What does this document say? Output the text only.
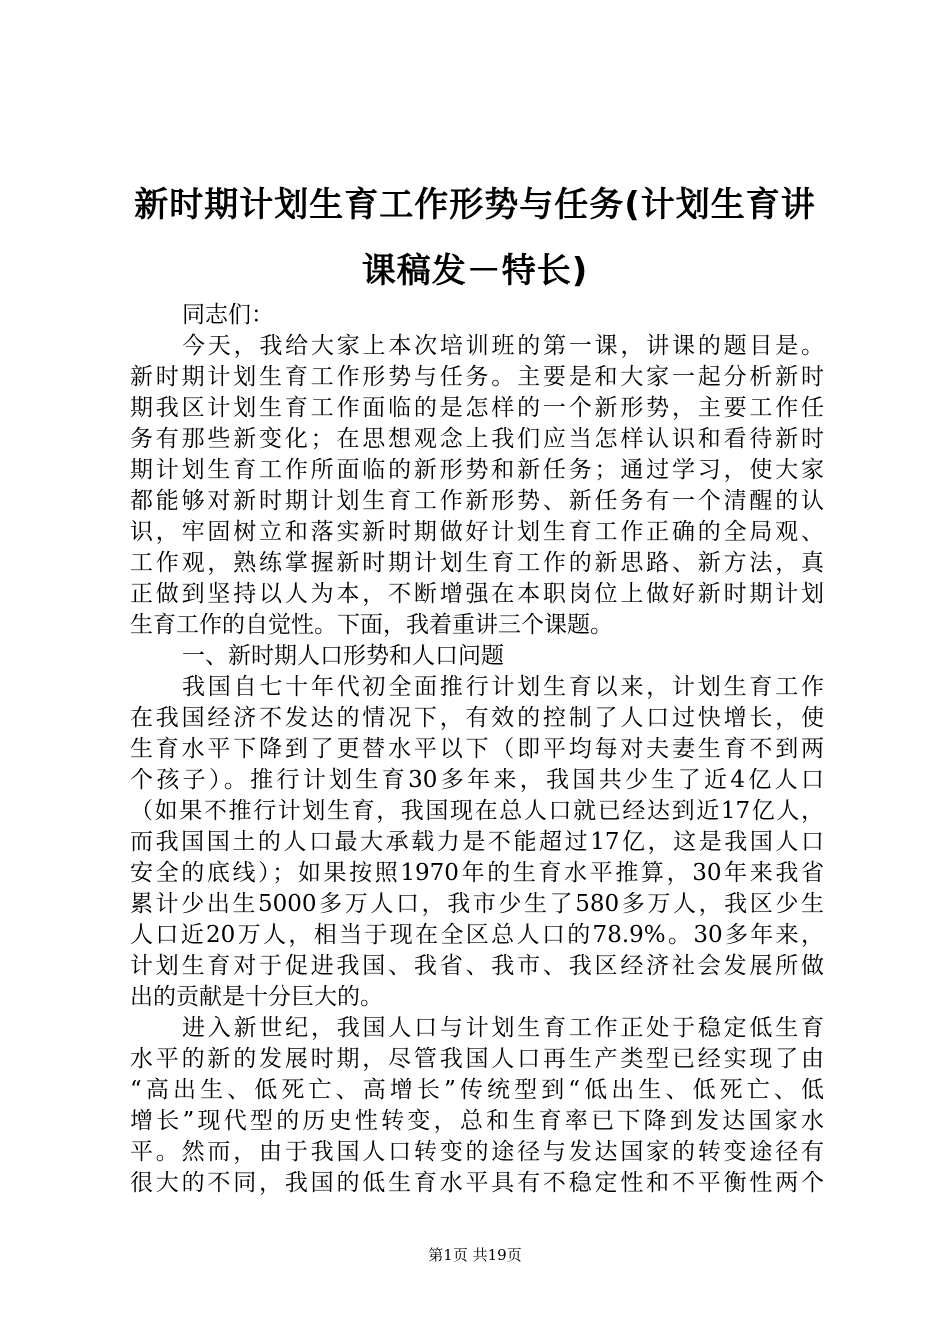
新时期计划生育工作形势与任务(计划生育讲
课稿发－特长)
同志们：
今天，我给大家上本次培训班的第一课，讲课的题目是。
新时期计划生育工作形势与任务。主要是和大家一起分析新时
期我区计划生育工作面临的是怎样的一个新形势，主要工作任
务有那些新变化；在思想观念上我们应当怎样认识和看待新时
期计划生育工作所面临的新形势和新任务；通过学习，使大家
都能够对新时期计划生育工作新形势、新任务有一个清醒的认
识，牢固树立和落实新时期做好计划生育工作正确的全局观、
工作观，熟练掌握新时期计划生育工作的新思路、新方法，真
正做到坚持以人为本，不断增强在本职岗位上做好新时期计划
生育工作的自觉性。下面，我着重讲三个课题。
一、新时期人口形势和人口问题
我国自七十年代初全面推行计划生育以来，计划生育工作
在我国经济不发达的情况下，有效的控制了人口过快增长，使
生育水平下降到了更替水平以下（即平均每对夫妻生育不到两
个孩子）。推行计划生育30多年来，我国共少生了近4亿人口
（如果不推行计划生育，我国现在总人口就已经达到近17亿人，
而我国国土的人口最大承载力是不能超过17亿，这是我国人口
安全的底线）；如果按照1970年的生育水平推算，30年来我省
累计少出生5000多万人口，我市少生了580多万人，我区少生
人口近20万人，相当于现在全区总人口的78.9%。30多年来，
计划生育对于促进我国、我省、我市、我区经济社会发展所做
出的贡献是十分巨大的。
进入新世纪，我国人口与计划生育工作正处于稳定低生育
水平的新的发展时期，尽管我国人口再生产类型已经实现了由
“高出生、低死亡、高增长”传统型到“低出生、低死亡、低
增长”现代型的历史性转变，总和生育率已下降到发达国家水
平。然而，由于我国人口转变的途径与发达国家的转变途径有
很大的不同，我国的低生育水平具有不稳定性和不平衡性两个
第1页 共19页
